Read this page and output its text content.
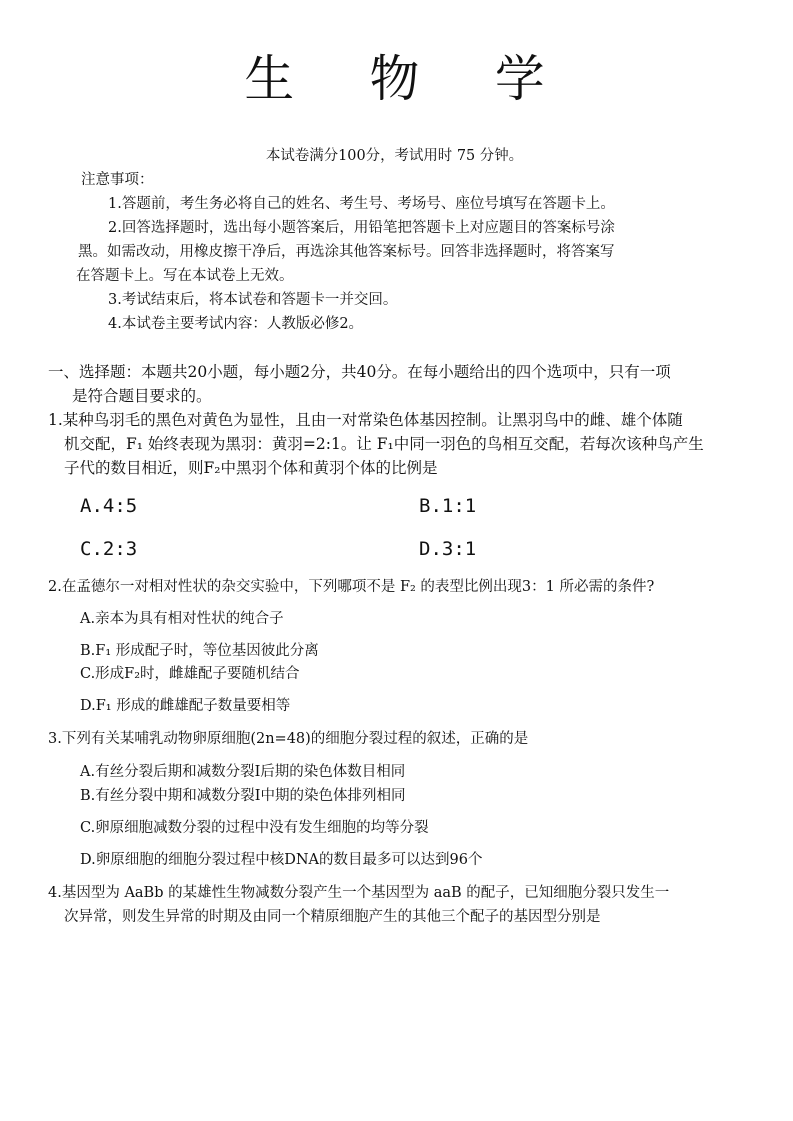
生 物 学
本试卷满分100分，考试用时 75 分钟。
注意事项：
1.答题前，考生务必将自己的姓名、考生号、考场号、座位号填写在答题卡上。
2.回答选择题时，选出每小题答案后，用铅笔把答题卡上对应题目的答案标号涂
黑。如需改动，用橡皮擦干净后，再选涂其他答案标号。回答非选择题时，将答案写
在答题卡上。写在本试卷上无效。
3.考试结束后，将本试卷和答题卡一并交回。
4.本试卷主要考试内容：人教版必修2。
一、选择题：本题共20小题，每小题2分，共40分。在每小题给出的四个选项中，只有一项
是符合题目要求的。
1.某种鸟羽毛的黑色对黄色为显性，且由一对常染色体基因控制。让黑羽鸟中的雌、雄个体随
机交配，F₁ 始终表现为黑羽：黄羽=2:1。让 F₁中同一羽色的鸟相互交配，若每次该种鸟产生
子代的数目相近，则F₂中黑羽个体和黄羽个体的比例是
A.4:5	B.1:1
C.2:3	D.3:1
2.在孟德尔一对相对性状的杂交实验中，下列哪项不是 F₂ 的表型比例出现3：1 所必需的条件?
A.亲本为具有相对性状的纯合子
B.F₁ 形成配子时，等位基因彼此分离
C.形成F₂时，雌雄配子要随机结合
D.F₁ 形成的雌雄配子数量要相等
3.下列有关某哺乳动物卵原细胞(2n=48)的细胞分裂过程的叙述，正确的是
A.有丝分裂后期和减数分裂Ⅰ后期的染色体数目相同
B.有丝分裂中期和减数分裂Ⅰ中期的染色体排列相同
C.卵原细胞减数分裂的过程中没有发生细胞的均等分裂
D.卵原细胞的细胞分裂过程中核DNA的数目最多可以达到96个
4.基因型为 AaBb 的某雄性生物减数分裂产生一个基因型为 aaB 的配子，已知细胞分裂只发生一
次异常，则发生异常的时期及由同一个精原细胞产生的其他三个配子的基因型分别是
